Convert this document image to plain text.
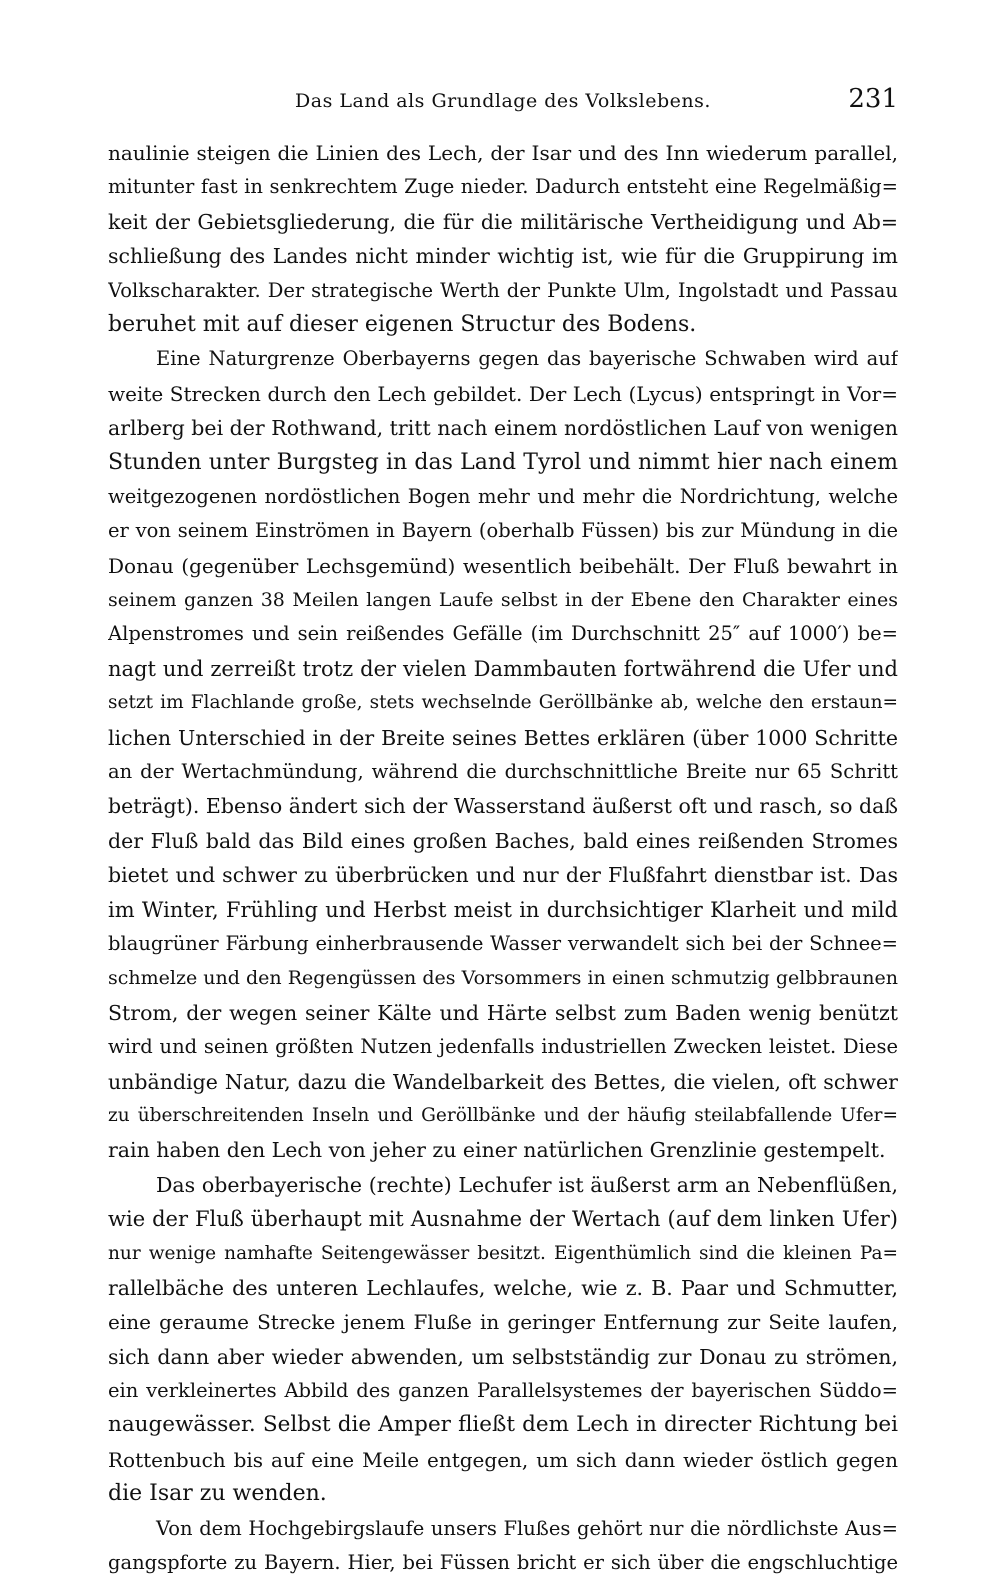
Das Land als Grundlage des Volkslebens.	231
naulinie steigen die Linien des Lech, der Isar und des Inn wiederum parallel,
mitunter fast in senkrechtem Zuge nieder. Dadurch entsteht eine Regelmäßig=
keit der Gebietsgliederung, die für die militärische Vertheidigung und Ab=
schließung des Landes nicht minder wichtig ist, wie für die Gruppirung im
Volkscharakter. Der strategische Werth der Punkte Ulm, Ingolstadt und Passau
beruhet mit auf dieser eigenen Structur des Bodens.
Eine Naturgrenze Oberbayerns gegen das bayerische Schwaben wird auf
weite Strecken durch den Lech gebildet. Der Lech (Lycus) entspringt in Vor=
arlberg bei der Rothwand, tritt nach einem nordöstlichen Lauf von wenigen
Stunden unter Burgsteg in das Land Tyrol und nimmt hier nach einem
weitgezogenen nordöstlichen Bogen mehr und mehr die Nordrichtung, welche
er von seinem Einströmen in Bayern (oberhalb Füssen) bis zur Mündung in die
Donau (gegenüber Lechsgemünd) wesentlich beibehält. Der Fluß bewahrt in
seinem ganzen 38 Meilen langen Laufe selbst in der Ebene den Charakter eines
Alpenstromes und sein reißendes Gefälle (im Durchschnitt 25″ auf 1000′) be=
nagt und zerreißt trotz der vielen Dammbauten fortwährend die Ufer und
setzt im Flachlande große, stets wechselnde Geröllbänke ab, welche den erstaun=
lichen Unterschied in der Breite seines Bettes erklären (über 1000 Schritte
an der Wertachmündung, während die durchschnittliche Breite nur 65 Schritt
beträgt). Ebenso ändert sich der Wasserstand äußerst oft und rasch, so daß
der Fluß bald das Bild eines großen Baches, bald eines reißenden Stromes
bietet und schwer zu überbrücken und nur der Flußfahrt dienstbar ist. Das
im Winter, Frühling und Herbst meist in durchsichtiger Klarheit und mild
blaugrüner Färbung einherbrausende Wasser verwandelt sich bei der Schnee=
schmelze und den Regengüssen des Vorsommers in einen schmutzig gelbbraunen
Strom, der wegen seiner Kälte und Härte selbst zum Baden wenig benützt
wird und seinen größten Nutzen jedenfalls industriellen Zwecken leistet. Diese
unbändige Natur, dazu die Wandelbarkeit des Bettes, die vielen, oft schwer
zu überschreitenden Inseln und Geröllbänke und der häufig steilabfallende Ufer=
rain haben den Lech von jeher zu einer natürlichen Grenzlinie gestempelt.
Das oberbayerische (rechte) Lechufer ist äußerst arm an Nebenflüßen,
wie der Fluß überhaupt mit Ausnahme der Wertach (auf dem linken Ufer)
nur wenige namhafte Seitengewässer besitzt. Eigenthümlich sind die kleinen Pa=
rallelbäche des unteren Lechlaufes, welche, wie z. B. Paar und Schmutter,
eine geraume Strecke jenem Fluße in geringer Entfernung zur Seite laufen,
sich dann aber wieder abwenden, um selbstständig zur Donau zu strömen,
ein verkleinertes Abbild des ganzen Parallelsystemes der bayerischen Süddo=
naugewässer. Selbst die Amper fließt dem Lech in directer Richtung bei
Rottenbuch bis auf eine Meile entgegen, um sich dann wieder östlich gegen
die Isar zu wenden.
Von dem Hochgebirgslaufe unsers Flußes gehört nur die nördlichste Aus=
gangspforte zu Bayern. Hier, bei Füssen bricht er sich über die engschluchtige
